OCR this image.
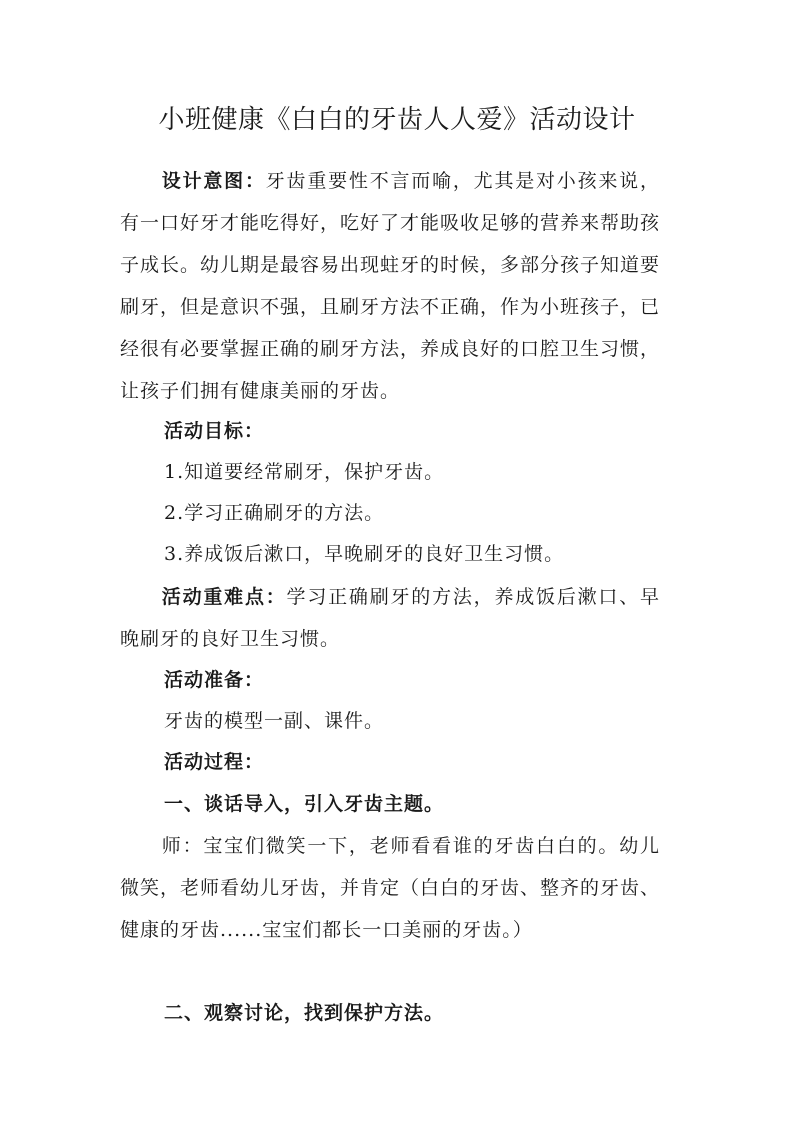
小班健康《白白的牙齿人人爱》活动设计

设计意图：牙齿重要性不言而喻，尤其是对小孩来说，有一口好牙才能吃得好，吃好了才能吸收足够的营养来帮助孩子成长。幼儿期是最容易出现蛀牙的时候，多部分孩子知道要刷牙，但是意识不强，且刷牙方法不正确，作为小班孩子，已经很有必要掌握正确的刷牙方法，养成良好的口腔卫生习惯，让孩子们拥有健康美丽的牙齿。

活动目标：

1.知道要经常刷牙，保护牙齿。

2.学习正确刷牙的方法。

3.养成饭后漱口，早晚刷牙的良好卫生习惯。

活动重难点：学习正确刷牙的方法，养成饭后漱口、早晚刷牙的良好卫生习惯。

活动准备：

牙齿的模型一副、课件。

活动过程：

一、谈话导入，引入牙齿主题。

师：宝宝们微笑一下，老师看看谁的牙齿白白的。幼儿微笑，老师看幼儿牙齿，并肯定（白白的牙齿、整齐的牙齿、健康的牙齿......宝宝们都长一口美丽的牙齿。）

二、观察讨论，找到保护方法。
